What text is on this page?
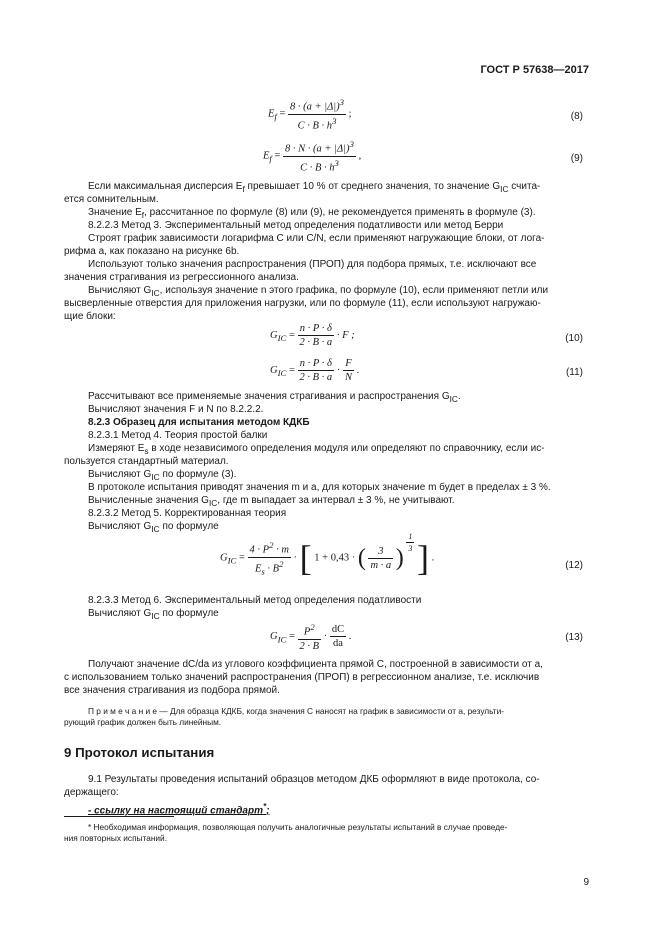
ГОСТ Р 57638—2017
$E_f = \frac{8 \cdot (a + |\Delta|)^3}{C \cdot B \cdot h^3}$ ;	(8)
$E_f = \frac{8 \cdot N \cdot (a + |\Delta|)^3}{C \cdot B \cdot h^3}$ ,	(9)
Если максимальная дисперсия $E_f$ превышает 10 % от среднего значения, то значение $G_{IC}$ счита-
ется сомнительным.
Значение $E_f$, рассчитанное по формуле (8) или (9), не рекомендуется применять в формуле (3).
8.2.2.3 Метод 3. Экспериментальный метод определения податливости или метод Берри
Строят график зависимости логарифма C или C/N, если применяют нагружающие блоки, от лога-
рифма a, как показано на рисунке 6b.
Используют только значения распространения (ПРОП) для подбора прямых, т.е. исключают все
значения страгивания из регрессионного анализа.
Вычисляют $G_{IC}$, используя значение n этого графика, по формуле (10), если применяют петли или
высверленные отверстия для приложения нагрузки, или по формуле (11), если используют нагружаю-
щие блоки:
$G_{IC} = \frac{n \cdot P \cdot \delta}{2 \cdot B \cdot a} \cdot F$ ;	(10)
$G_{IC} = \frac{n \cdot P \cdot \delta}{2 \cdot B \cdot a} \cdot \frac{F}{N}$ .	(11)
Рассчитывают все применяемые значения страгивания и распространения $G_{IC}$.
Вычисляют значения F и N по 8.2.2.2.
8.2.3 Образец для испытания методом КДКБ
8.2.3.1 Метод 4. Теория простой балки
Измеряют $E_s$ в ходе независимого определения модуля или определяют по справочнику, если ис-
пользуется стандартный материал.
Вычисляют $G_{IC}$ по формуле (3).
В протоколе испытания приводят значения m и a, для которых значение m будет в пределах ± 3 %.
Вычисленные значения $G_{IC}$, где m выпадает за интервал ± 3 %, не учитывают.
8.2.3.2 Метод 5. Корректированная теория
Вычисляют $G_{IC}$ по формуле
$G_{IC} = \frac{4 \cdot P^2 \cdot m}{E_s \cdot B^2}$ · [ 1 + 0,43 · ( $\frac{3}{m \cdot a}$ )
$\frac{1}{3}$ ] .
(12)
8.2.3.3 Метод 6. Экспериментальный метод определения податливости
Вычисляют $G_{IC}$ по формуле
$G_{IC} = \frac{P^2}{2 \cdot B} \cdot \frac{dC}{da}$ .	(13)
Получают значение dC/da из углового коэффициента прямой C, построенной в зависимости от a,
с использованием только значений распространения (ПРОП) в регрессионном анализе, т.е. исключив
все значения страгивания из подбора прямой.
П р и м е ч а н и е — Для образца КДКБ, когда значения C наносят на график в зависимости от a, результи-
рующий график должен быть линейным.
9 Протокол испытания
9.1 Результаты проведения испытаний образцов методом ДКБ оформляют в виде протокола, со-
держащего:
- ссылку на настоящий стандарт*;
* Необходимая информация, позволяющая получить аналогичные результаты испытаний в случае проведе-
ния повторных испытаний.
9
